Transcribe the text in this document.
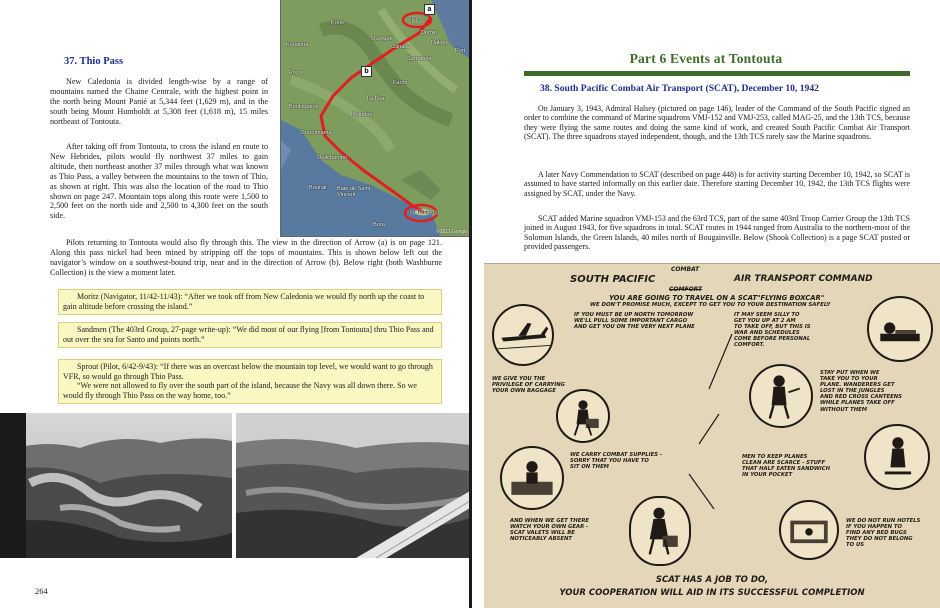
37. Thio Pass
New Caledonia is divided length-wise by a range of mountains named the Chaine Centrale, with the highest point in the north being Mount Panié at 5,344 feet (1,629 m), and in the south being Mount Humboldt at 5,308 feet (1,618 m), 15 miles northeast of Tontouta.
After taking off from Tontouta, to cross the island en route to New Hebrides, pilots would fly northwest 37 miles to gain altitude, then northeast another 37 miles through what was known as Thio Pass, a valley between the mountains to the town of Thio, as shown at right. This was also the location of the road to Thio shown on page 247. Mountain tops along this route were 1,500 to 2,500 feet on the north side and 2,500 to 4,300 feet on the south side.
Pilots returning to Tontouta would also fly through this. The view in the direction of Arrow (a) is on page 121. Along this pass nickel had been mined by stripping off the tops of mountains. This is shown below left out the navigator’s window on a southwest-bound trip, near and in the direction of Arrow (b). Below right (both Washburne Collection) is the view a moment later.
Thio
Kouaoua
Ouroupé
Canala
Bourail
Poya
Moindou
Boulouparis
La Foa
Farino
Sarraméa
Nakéty
Dothio
Koné
Port
Baie de Saint Vincent
Coutumama
Ouitchambo
La Tontouta
Bora
a
b
©2011 Google
Moritz (Navigator, 11/42-11/43): “After we took off from New Caledonia we would fly north up the coast to gain altitude before crossing the island.”
Sandmen (The 403rd Group, 27-page write-up): “We did most of our flying [from Tontouta] thru Thio Pass and out over the sea for Santo and points north.”
Sprout (Pilot, 6/42-9/43): “If there was an overcast below the mountain top level, we would want to go through VFR, so would go through Thio Pass.
“We were not allowed to fly over the south part of the island, because the Navy was all down there. So we would fly through Thio Pass on the way home, too.”
264
Part 6 Events at Tontouta
38. South Pacific Combat Air Transport (SCAT), December 10, 1942
On January 3, 1943, Admiral Halsey (pictured on page 146), leader of the Command of the South Pacific signed an order to combine the command of Marine squadrons VMJ-152 and VMJ-253, called MAG-25, and the 13th TCS, because they were flying the same routes and doing the same kind of work, and created South Pacific Combat Air Transport (SCAT). The three squadrons stayed independent, though, and the 13th TCS rarely saw the Marine squadrons.
A later Navy Commendation to SCAT (described on page 448) is for activity starting December 10, 1942, so SCAT is assumed to have started informally on this earlier date. Therefore starting December 10, 1942, the 13th TCS flights were assigned by SCAT, under the Navy.
SCAT added Marine squadron VMJ-153 and the 63rd TCS, part of the same 403rd Troop Carrier Group the 13th TCS joined in August 1943, for five squadrons in total. SCAT routes in 1944 ranged from Australia to the northern-most of the Solomon Islands, the Green Islands, 40 miles north of Bougainville. Below (Shook Collection) is a page SCAT posted or provided passengers.
SOUTH PACIFIC
COMBAT
AIR TRANSPORT COMMAND
COMFORT
YOU ARE GOING TO TRAVEL ON A SCAT"FLYING BOXCAR"
WE DON'T PROMISE MUCH, EXCEPT TO GET YOU TO YOUR DESTINATION SAFELY
IF YOU MUST BE UP NORTH TOMORROW
WE'LL PULL SOME IMPORTANT CARGO
AND GET YOU ON THE VERY NEXT PLANE
IT MAY SEEM SILLY TO
GET YOU UP AT 2 AM
TO TAKE OFF, BUT THIS IS
WAR AND SCHEDULES
COME BEFORE PERSONAL
COMFORT.
WE GIVE YOU THE
PRIVILEGE OF CARRYING
YOUR OWN BAGGAGE
STAY PUT WHEN WE
TAKE YOU TO YOUR
PLANE. WANDERERS GET
LOST IN THE JUNGLES
AND RED CROSS CANTEENS
WHILE PLANES TAKE OFF
WITHOUT THEM
WE CARRY COMBAT SUPPLIES -
SORRY THAT YOU HAVE TO
SIT ON THEM
MEN TO KEEP PLANES
CLEAN ARE SCARCE - STUFF
THAT HALF EATEN SANDWICH
IN YOUR POCKET
AND WHEN WE GET THERE
WATCH YOUR OWN GEAR -
SCAT VALETS WILL BE
NOTICEABLY ABSENT
WE DO NOT RUN HOTELS
IF YOU HAPPEN TO
FIND ANY BED BUGS
THEY DO NOT BELONG
TO US
SCAT HAS A JOB TO DO,
YOUR COOPERATION WILL AID IN ITS SUCCESSFUL COMPLETION
